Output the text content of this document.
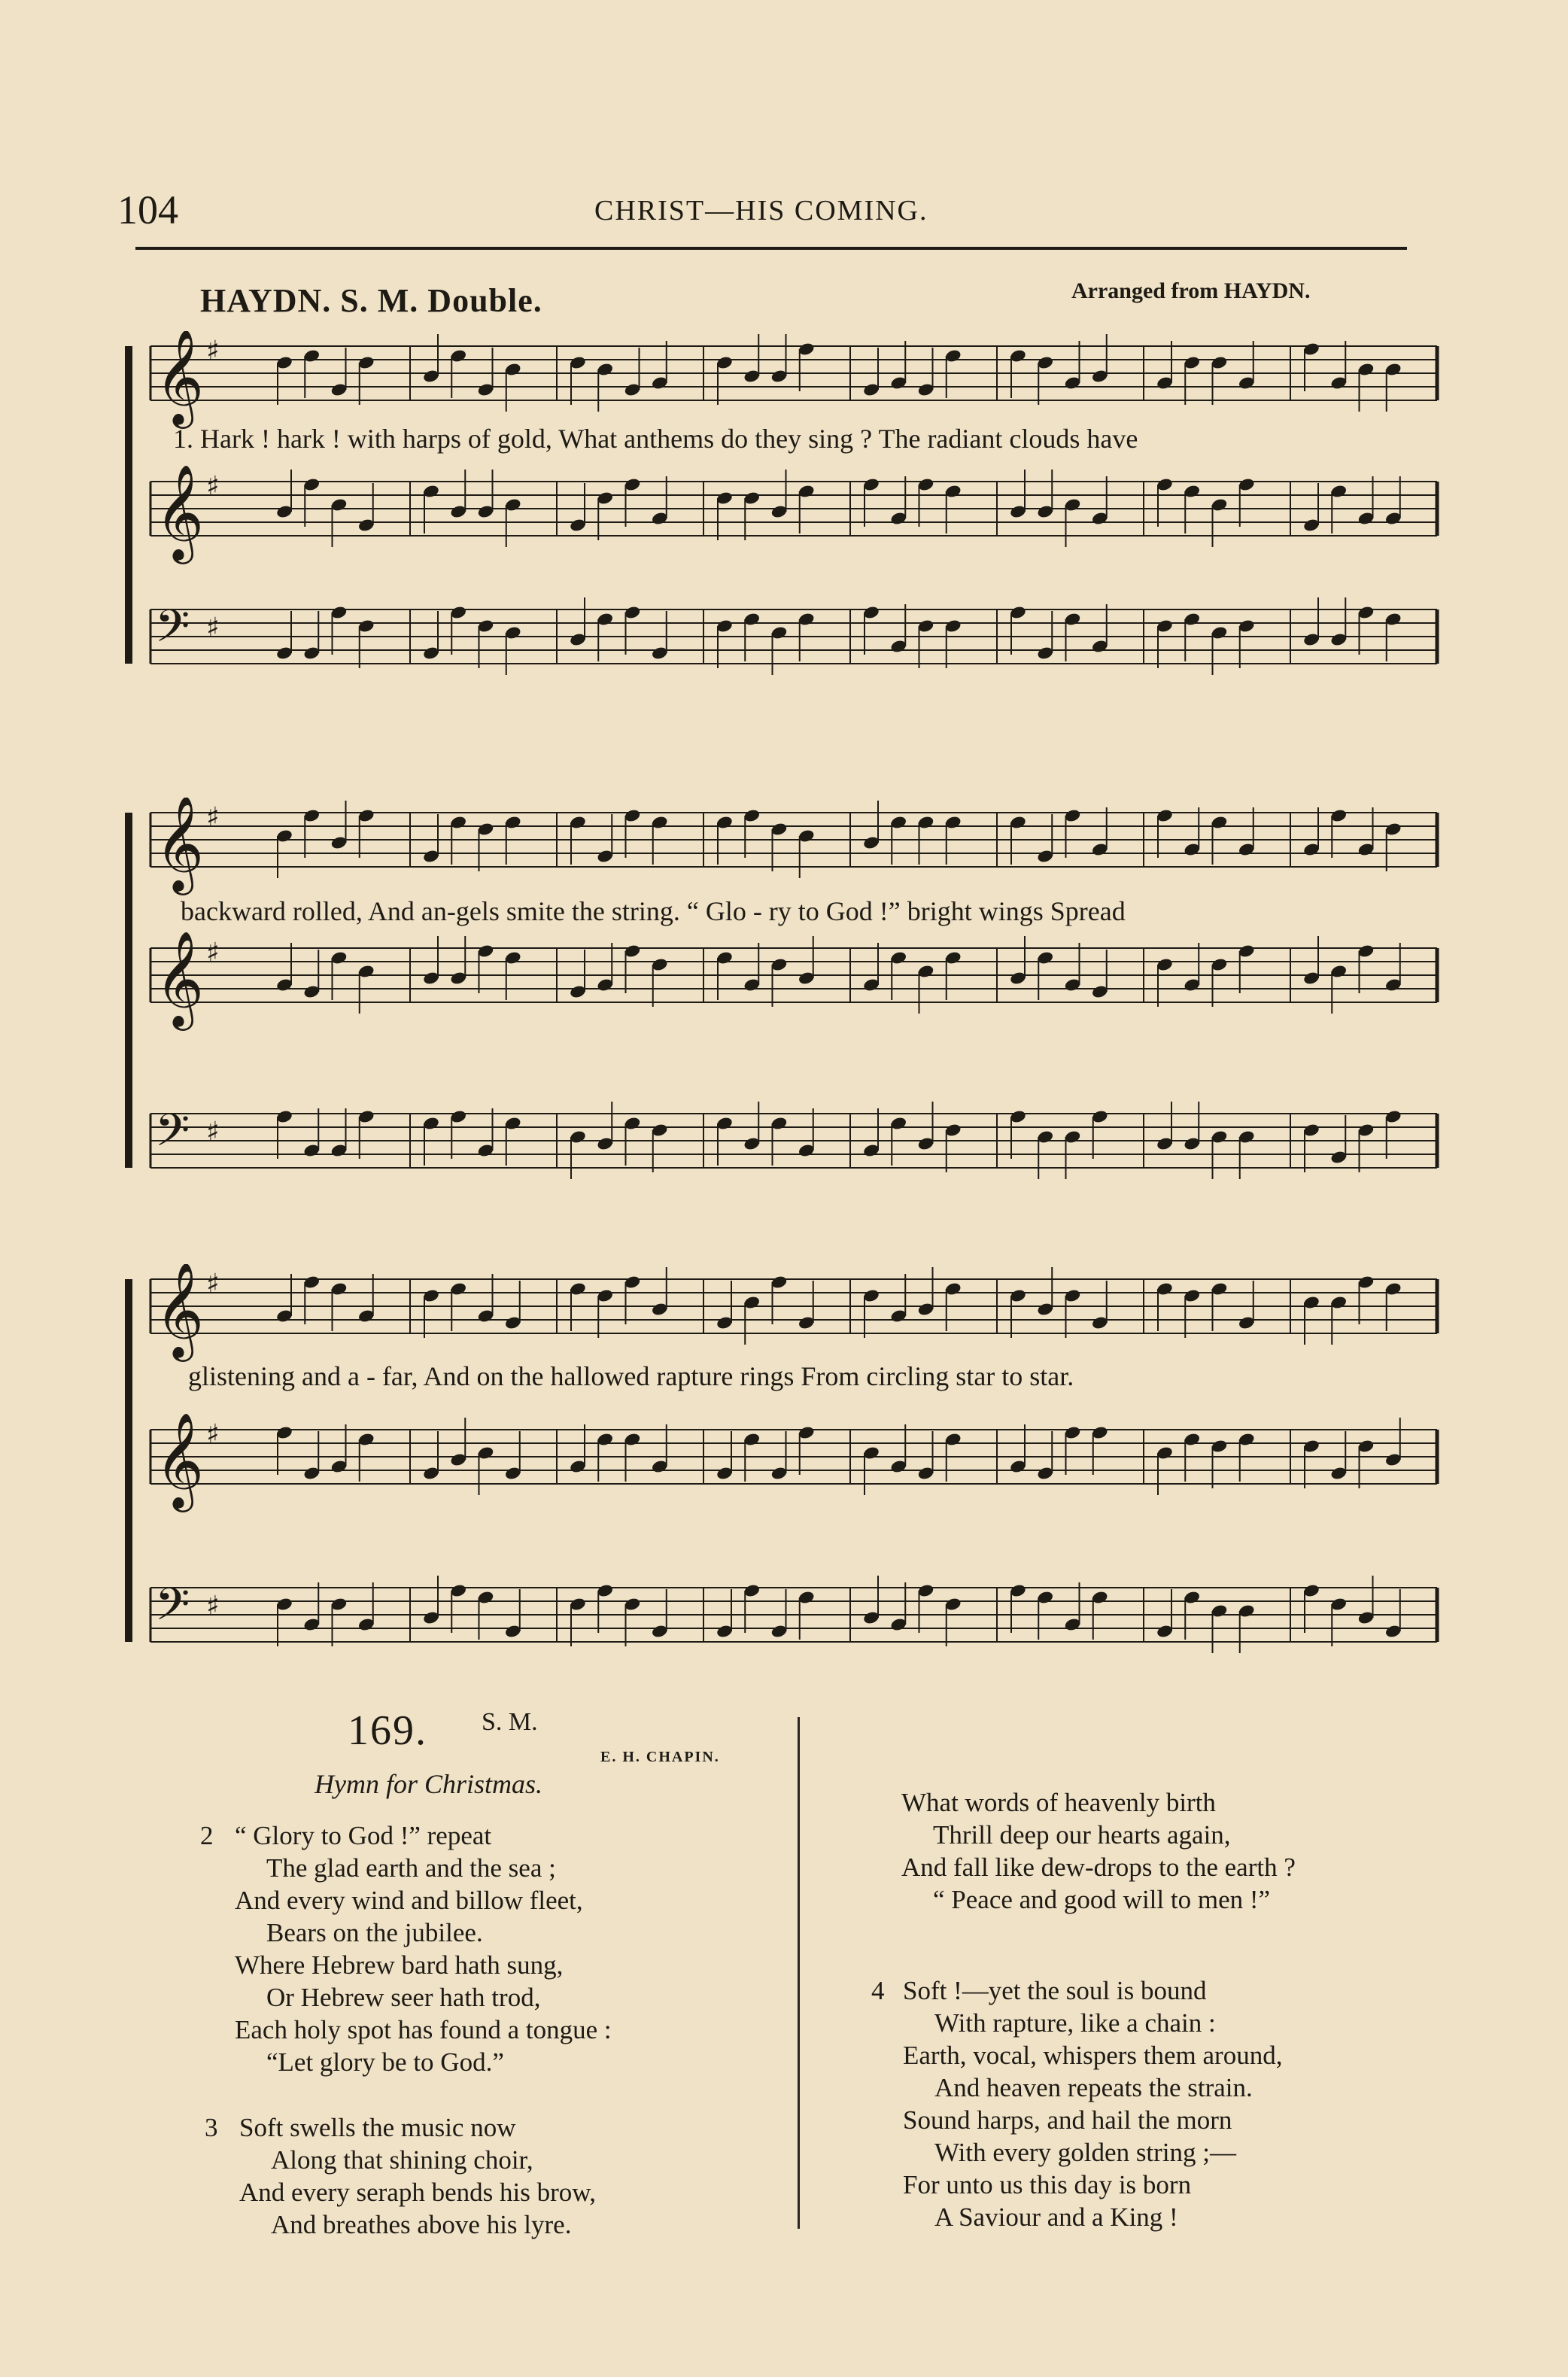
104	CHRIST—HIS COMING.
HAYDN. S. M. Double.	Arranged from HAYDN.
𝄞 ♯
𝄞 ♯
𝄢 ♯
1. Hark ! hark ! with harps of gold, What anthems do they sing ? The radiant clouds have
𝄞 ♯
𝄞 ♯
𝄢 ♯
backward rolled, And an-gels smite the string. “ Glo - ry to God !” bright wings Spread
𝄞 ♯
𝄞 ♯
𝄢 ♯
glistening and a - far, And on the hallowed rapture rings From circling star to star.
169. S. M.
E. H. CHAPIN.
Hymn for Christmas.
2 “ Glory to God !” repeat
The glad earth and the sea ;
And every wind and billow fleet,
Bears on the jubilee.
Where Hebrew bard hath sung,
Or Hebrew seer hath trod,
Each holy spot has found a tongue :
“Let glory be to God.”
3 Soft swells the music now
Along that shining choir,
And every seraph bends his brow,
And breathes above his lyre.
What words of heavenly birth
Thrill deep our hearts again,
And fall like dew-drops to the earth ?
“ Peace and good will to men !”
4 Soft !—yet the soul is bound
With rapture, like a chain :
Earth, vocal, whispers them around,
And heaven repeats the strain.
Sound harps, and hail the morn
With every golden string ;—
For unto us this day is born
A Saviour and a King !
